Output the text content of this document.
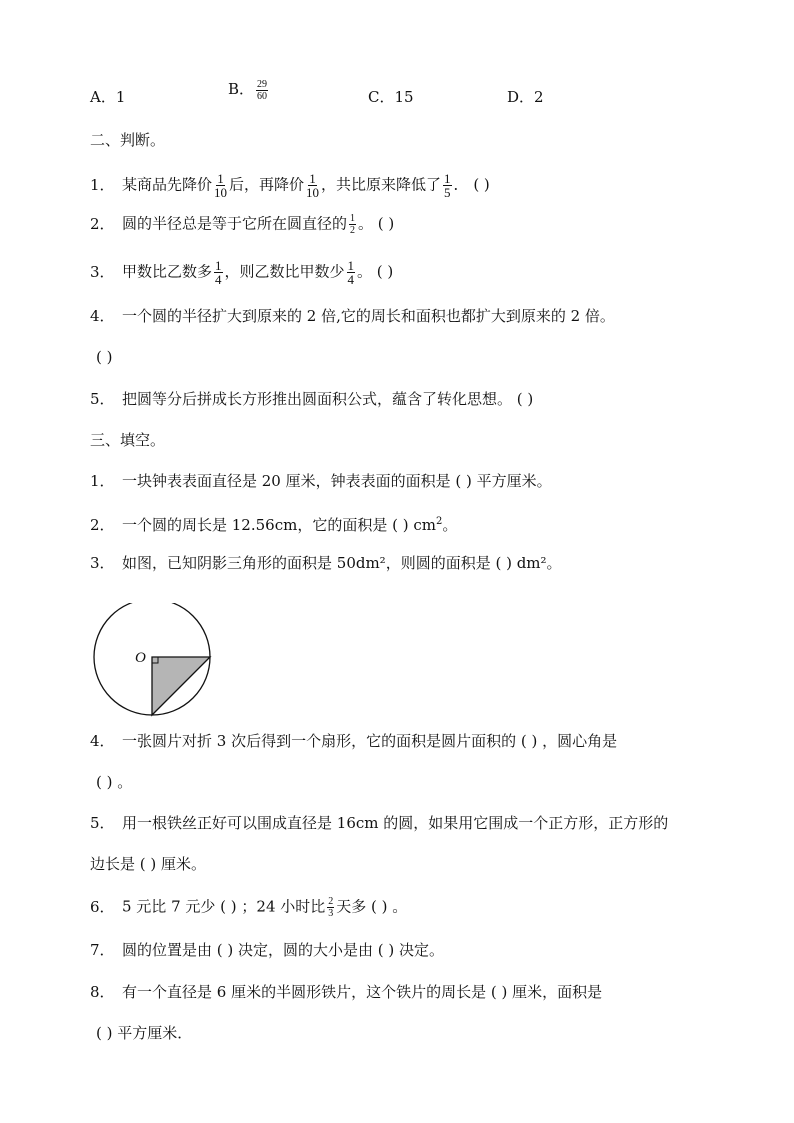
A．1	B． $\frac{29}{60}$	C．15	D．2
二、判断。
1． 某商品先降价 $\frac{1}{10}$ 后，再降价 $\frac{1}{10}$ ，共比原来降低了 $\frac{1}{5}$ ． ( )
2． 圆的半径总是等于它所在圆直径的 $\frac{1}{2}$ 。 ( )
3． 甲数比乙数多 $\frac{1}{4}$ ，则乙数比甲数少 $\frac{1}{4}$ 。 ( )
4． 一个圆的半径扩大到原来的 2 倍,它的周长和面积也都扩大到原来的 2 倍。
( )
5． 把圆等分后拼成长方形推出圆面积公式，蕴含了转化思想。 ( )
三、填空。
1． 一块钟表表面直径是 20 厘米，钟表表面的面积是 ( ) 平方厘米。
2． 一个圆的周长是 12.56cm，它的面积是 ( ) $cm^2$。
3． 如图，已知阴影三角形的面积是 50dm²，则圆的面积是 ( ) dm²。
O
4． 一张圆片对折 3 次后得到一个扇形，它的面积是圆片面积的 ( ) ，圆心角是
( ) 。
5． 用一根铁丝正好可以围成直径是 16cm 的圆，如果用它围成一个正方形，正方形的
边长是 ( ) 厘米。
6． 5 元比 7 元少 ( ) ；24 小时比 $\frac{2}{3}$ 天多 ( ) 。
7． 圆的位置是由 ( ) 决定，圆的大小是由 ( ) 决定。
8． 有一个直径是 6 厘米的半圆形铁片，这个铁片的周长是 ( ) 厘米，面积是
( ) 平方厘米．
